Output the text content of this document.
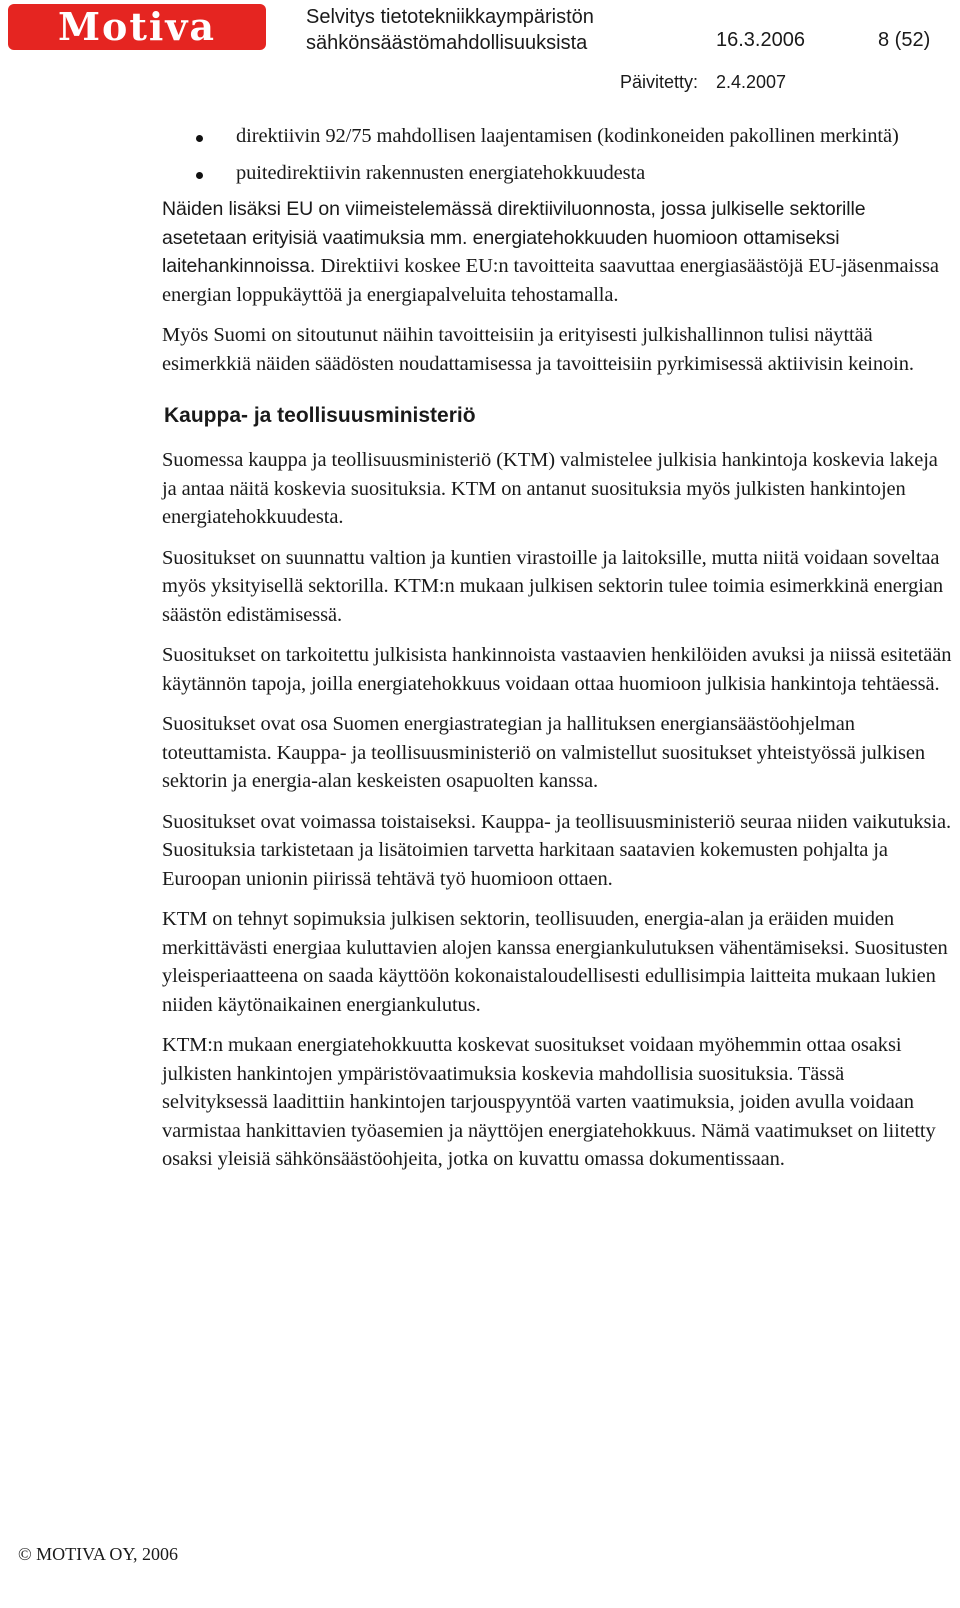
Motiva	Selvitys tietotekniikkaympäristön
sähkönsäästömahdollisuuksista	16.3.2006	8 (52)
Päivitetty: 2.4.2007
direktiivin 92/75 mahdollisen laajentamisen (kodinkoneiden pakollinen merkintä)
puitedirektiivin rakennusten energiatehokkuudesta

Näiden lisäksi EU on viimeistelemässä direktiiviluonnosta, jossa julkiselle sektorille asetetaan erityisiä vaatimuksia mm. energiatehokkuuden huomioon ottamiseksi laitehankinnoissa. Direktiivi koskee EU:n tavoitteita saavuttaa energiasäästöjä EU-jäsenmaissa energian loppukäyttöä ja energiapalveluita tehostamalla.

Myös Suomi on sitoutunut näihin tavoitteisiin ja erityisesti julkishallinnon tulisi näyttää esimerkkiä näiden säädösten noudattamisessa ja tavoitteisiin pyrkimisessä aktiivisin keinoin.

Kauppa- ja teollisuusministeriö

Suomessa kauppa ja teollisuusministeriö (KTM) valmistelee julkisia hankintoja koskevia lakeja ja antaa näitä koskevia suosituksia. KTM on antanut suosituksia myös julkisten hankintojen energiatehokkuudesta.

Suositukset on suunnattu valtion ja kuntien virastoille ja laitoksille, mutta niitä voidaan soveltaa myös yksityisellä sektorilla. KTM:n mukaan julkisen sektorin tulee toimia esimerkkinä energian säästön edistämisessä.

Suositukset on tarkoitettu julkisista hankinnoista vastaavien henkilöiden avuksi ja niissä esitetään käytännön tapoja, joilla energiatehokkuus voidaan ottaa huomioon julkisia hankintoja tehtäessä.

Suositukset ovat osa Suomen energiastrategian ja hallituksen energiansäästöohjelman toteuttamista. Kauppa- ja teollisuusministeriö on valmistellut suositukset yhteistyössä julkisen sektorin ja energia-alan keskeisten osapuolten kanssa.

Suositukset ovat voimassa toistaiseksi. Kauppa- ja teollisuusministeriö seuraa niiden vaikutuksia. Suosituksia tarkistetaan ja lisätoimien tarvetta harkitaan saatavien kokemusten pohjalta ja Euroopan unionin piirissä tehtävä työ huomioon ottaen.

KTM on tehnyt sopimuksia julkisen sektorin, teollisuuden, energia-alan ja eräiden muiden merkittävästi energiaa kuluttavien alojen kanssa energiankulutuksen vähentämiseksi. Suositusten yleisperiaatteena on saada käyttöön kokonaistaloudellisesti edullisimpia laitteita mukaan lukien niiden käytönaikainen energiankulutus.

KTM:n mukaan energiatehokkuutta koskevat suositukset voidaan myöhemmin ottaa osaksi julkisten hankintojen ympäristövaatimuksia koskevia mahdollisia suosituksia. Tässä selvityksessä laadittiin hankintojen tarjouspyyntöä varten vaatimuksia, joiden avulla voidaan varmistaa hankittavien työasemien ja näyttöjen energiatehokkuus. Nämä vaatimukset on liitetty osaksi yleisiä sähkönsäästöohjeita, jotka on kuvattu omassa dokumentissaan.

© MOTIVA OY, 2006
